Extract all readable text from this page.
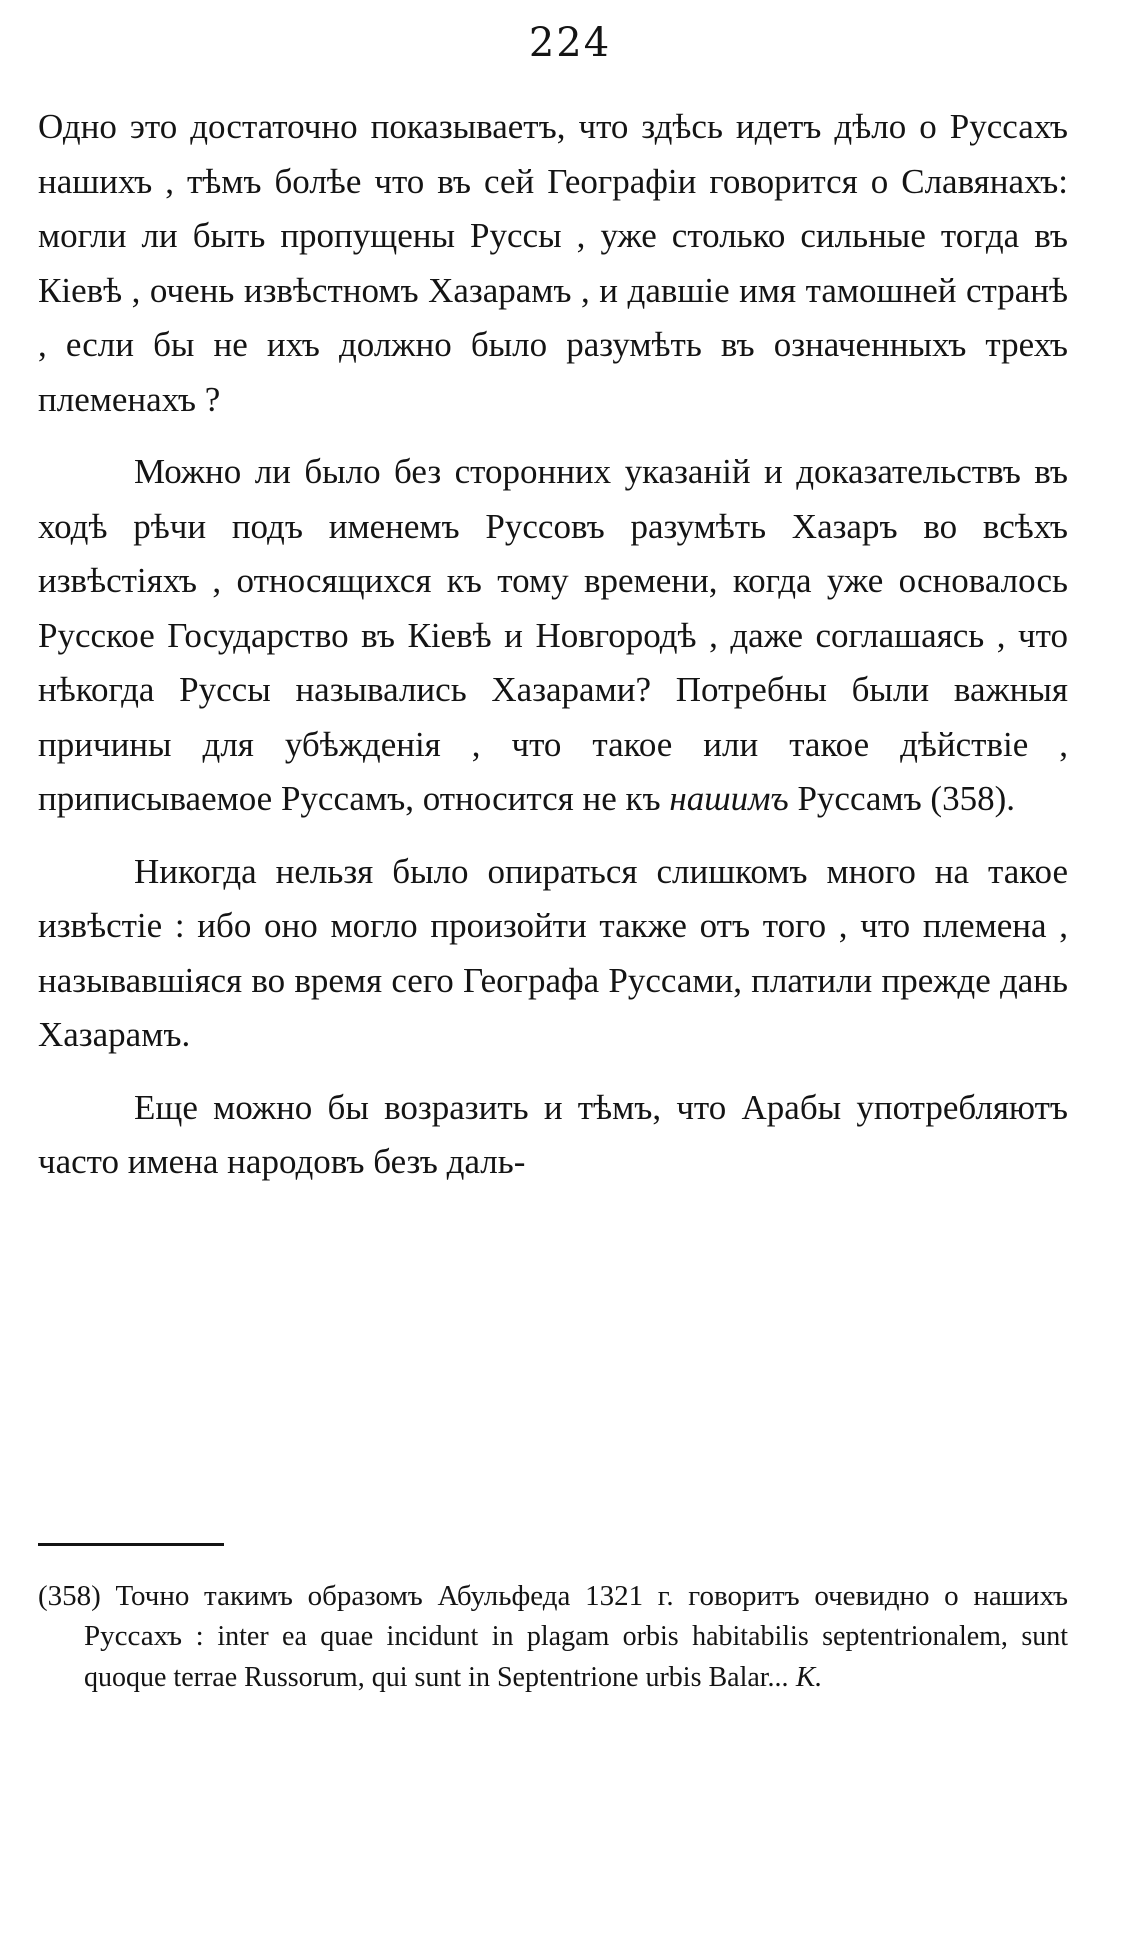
224

Одно это достаточно показываетъ, что здѣсь идетъ дѣло о Руссахъ нашихъ , тѣмъ болѣе что въ сей Географіи говорится о Славянахъ: могли ли быть пропущены Руссы , уже столько сильные тогда въ Кіевѣ , очень извѣстномъ Хазарамъ , и давшіе имя тамошней странѣ , если бы не ихъ должно было разумѣть въ означенныхъ трехъ племенахъ ?

Можно ли было без сторонних указаній и доказательствъ въ ходѣ рѣчи подъ именемъ Руссовъ разумѣть Хазаръ во всѣхъ извѣстіяхъ , относящихся къ тому времени, когда уже основалось Русское Государство въ Кіевѣ и Новгородѣ , даже соглашаясь , что нѣкогда Руссы назывались Хазарами? Потребны были важныя причины для убѣжденія , что такое или такое дѣйствіе , приписываемое Руссамъ, относится не къ нашимъ Руссамъ (358).

Никогда нельзя было опираться слишкомъ много на такое извѣстіе : ибо оно могло произойти также отъ того , что племена , называвшіяся во время сего Географа Руссами, платили прежде дань Хазарамъ.

Еще можно бы возразить и тѣмъ, что Арабы употребляютъ часто имена народовъ безъ даль-

(358) Точно такимъ образомъ Абульфеда 1321 г. говоритъ очевидно о нашихъ Руссахъ : inter ea quae incidunt in plagam orbis habitabilis septentrionalem, sunt quoque terrae Russorum, qui sunt in Septentrione urbis Balar... К.
